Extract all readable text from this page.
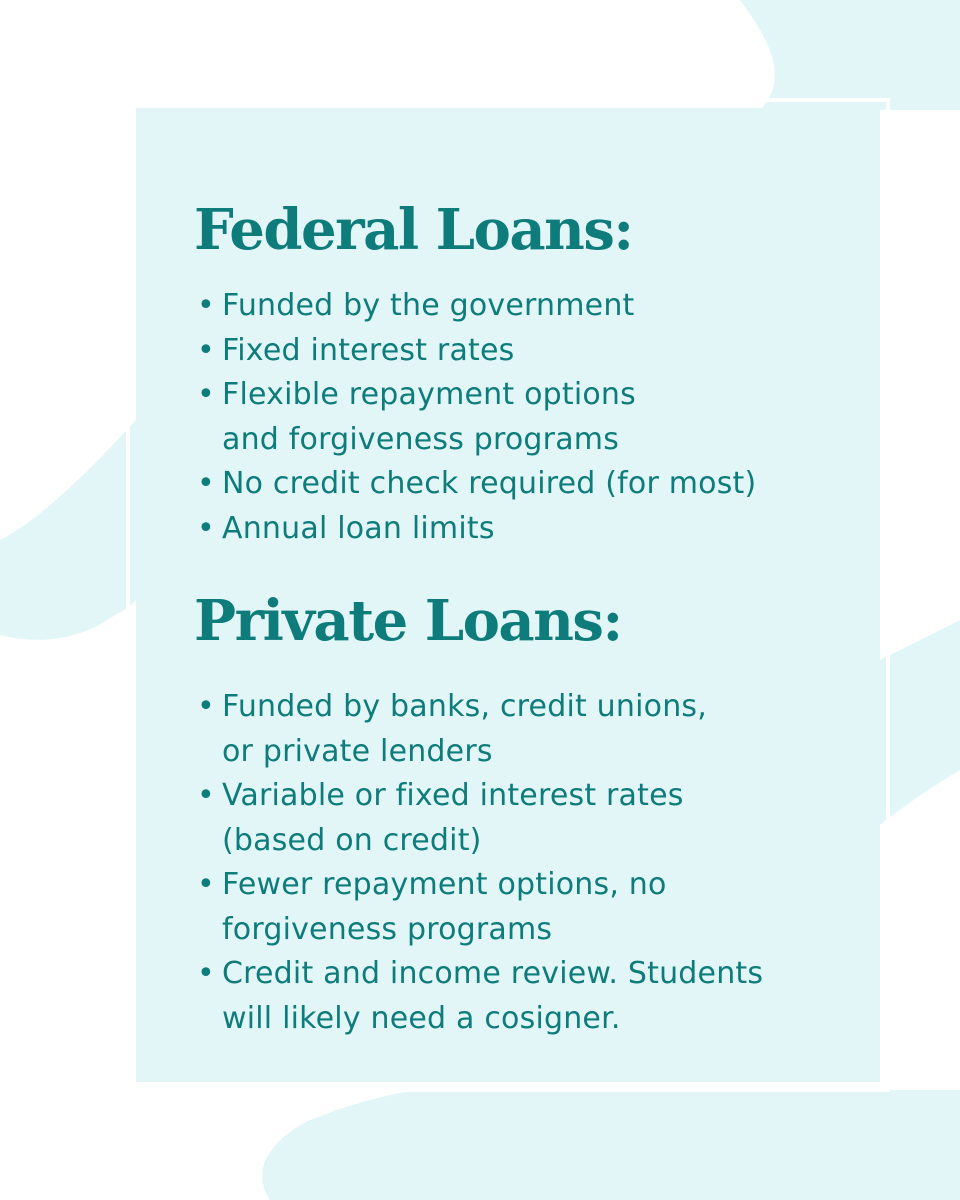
Federal Loans:
• Funded by the government
• Fixed interest rates
• Flexible repayment options
and forgiveness programs
• No credit check required (for most)
• Annual loan limits
Private Loans:
• Funded by banks, credit unions,
or private lenders
• Variable or fixed interest rates
(based on credit)
• Fewer repayment options, no
forgiveness programs
• Credit and income review. Students
will likely need a cosigner.
